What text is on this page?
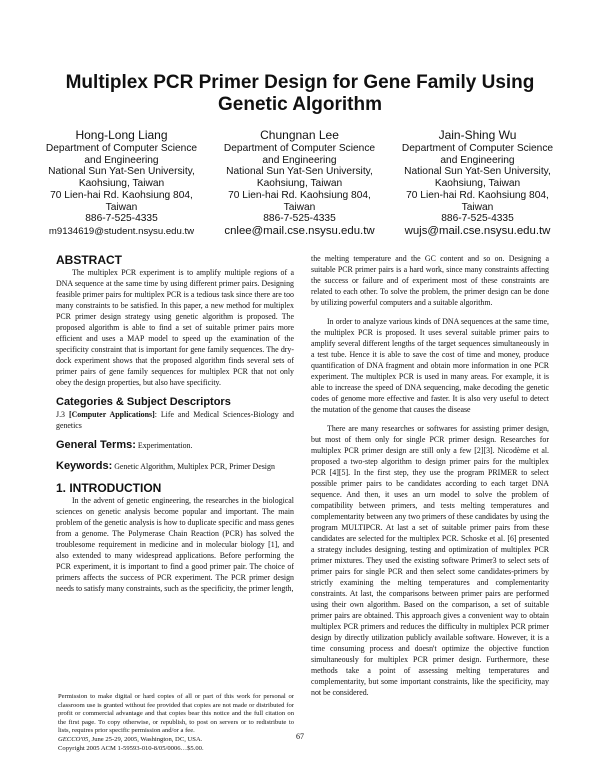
Multiplex PCR Primer Design for Gene Family Using Genetic Algorithm
Hong-Long Liang
Department of Computer Science
and Engineering
National Sun Yat-Sen University,
Kaohsiung, Taiwan
70 Lien-hai Rd. Kaohsiung 804,
Taiwan
886-7-525-4335
m9134619@student.nsysu.edu.tw
Chungnan Lee
Department of Computer Science
and Engineering
National Sun Yat-Sen University,
Kaohsiung, Taiwan
70 Lien-hai Rd. Kaohsiung 804,
Taiwan
886-7-525-4335
cnlee@mail.cse.nsysu.edu.tw
Jain-Shing Wu
Department of Computer Science
and Engineering
National Sun Yat-Sen University,
Kaohsiung, Taiwan
70 Lien-hai Rd. Kaohsiung 804,
Taiwan
886-7-525-4335
wujs@mail.cse.nsysu.edu.tw
ABSTRACT

The multiplex PCR experiment is to amplify multiple regions of a DNA sequence at the same time by using different primer pairs. Designing feasible primer pairs for multiplex PCR is a tedious task since there are too many constraints to be satisfied. In this paper, a new method for multiplex PCR primer design strategy using genetic algorithm is proposed. The proposed algorithm is able to find a set of suitable primer pairs more efficient and uses a MAP model to speed up the examination of the specificity constraint that is important for gene family sequences. The dry-dock experiment shows that the proposed algorithm finds several sets of primer pairs of gene family sequences for multiplex PCR that not only obey the design properties, but also have specificity.

Categories & Subject Descriptors

J.3 [Computer Applications]: Life and Medical Sciences-Biology and genetics

General Terms: Experimentation.

Keywords: Genetic Algorithm, Multiplex PCR, Primer Design

1. INTRODUCTION

In the advent of genetic engineering, the researches in the biological sciences on genetic analysis become popular and important. The main problem of the genetic analysis is how to duplicate specific and mass genes from a genome. The Polymerase Chain Reaction (PCR) has solved the troublesome requirement in medicine and in molecular biology [1], and also extended to many widespread applications. Before performing the PCR experiment, it is important to find a good primer pair. The choice of primers affects the success of PCR experiment. The PCR primer design needs to satisfy many constraints, such as the specificity, the primer length,

Permission to make digital or hard copies of all or part of this work for personal or classroom use is granted without fee provided that copies are not made or distributed for profit or commercial advantage and that copies bear this notice and the full citation on the first page. To copy otherwise, or republish, to post on servers or to redistribute to lists, requires prior specific permission and/or a fee.

GECCO'05, June 25-29, 2005, Washington, DC, USA.

Copyright 2005 ACM 1-59593-010-8/05/0006…$5.00.

the melting temperature and the GC content and so on. Designing a suitable PCR primer pairs is a hard work, since many constraints affecting the success or failure and of experiment most of these constraints are related to each other. To solve the problem, the primer design can be done by utilizing powerful computers and a suitable algorithm.

In order to analyze various kinds of DNA sequences at the same time, the multiplex PCR is proposed. It uses several suitable primer pairs to amplify several different lengths of the target sequences simultaneously in a test tube. Hence it is able to save the cost of time and money, produce quantification of DNA fragment and obtain more information in one PCR experiment. The multiplex PCR is used in many areas. For example, it is able to increase the speed of DNA sequencing, make decoding the genetic codes of genome more effective and faster. It is also very useful to detect the mutation of the genome that causes the disease

There are many researches or softwares for assisting primer design, but most of them only for single PCR primer design. Researches for multiplex PCR primer design are still only a few [2][3]. Nicodème et al. proposed a two-step algorithm to design primer pairs for the multiplex PCR [4][5]. In the first step, they use the program PRIMER to select possible primer pairs to be candidates according to each target DNA sequence. And then, it uses an urn model to solve the problem of compatibility between primers, and tests melting temperatures and complementarity between any two primers of these candidates by using the program MULTIPCR. At last a set of suitable primer pairs from these candidates are selected for the multiplex PCR. Schoske et al. [6] presented a strategy includes designing, testing and optimization of multiplex PCR primer mixtures. They used the existing software Primer3 to select sets of primer pairs for single PCR and then select some candidates-primers by strictly examining the melting temperatures and complementarity constraints. At last, the comparisons between primer pairs are performed using their own algorithm. Based on the comparison, a set of suitable primer pairs are obtained. This approach gives a convenient way to obtain multiplex PCR primers and reduces the difficulty in multiplex PCR primer design by directly utilization publicly available software. However, it is a time consuming process and doesn't optimize the objective function simultaneously for multiplex PCR primer design. Furthermore, these methods take a point of assessing melting temperatures and complementarity, but some important constraints, like the specificity, may not be considered.

67
